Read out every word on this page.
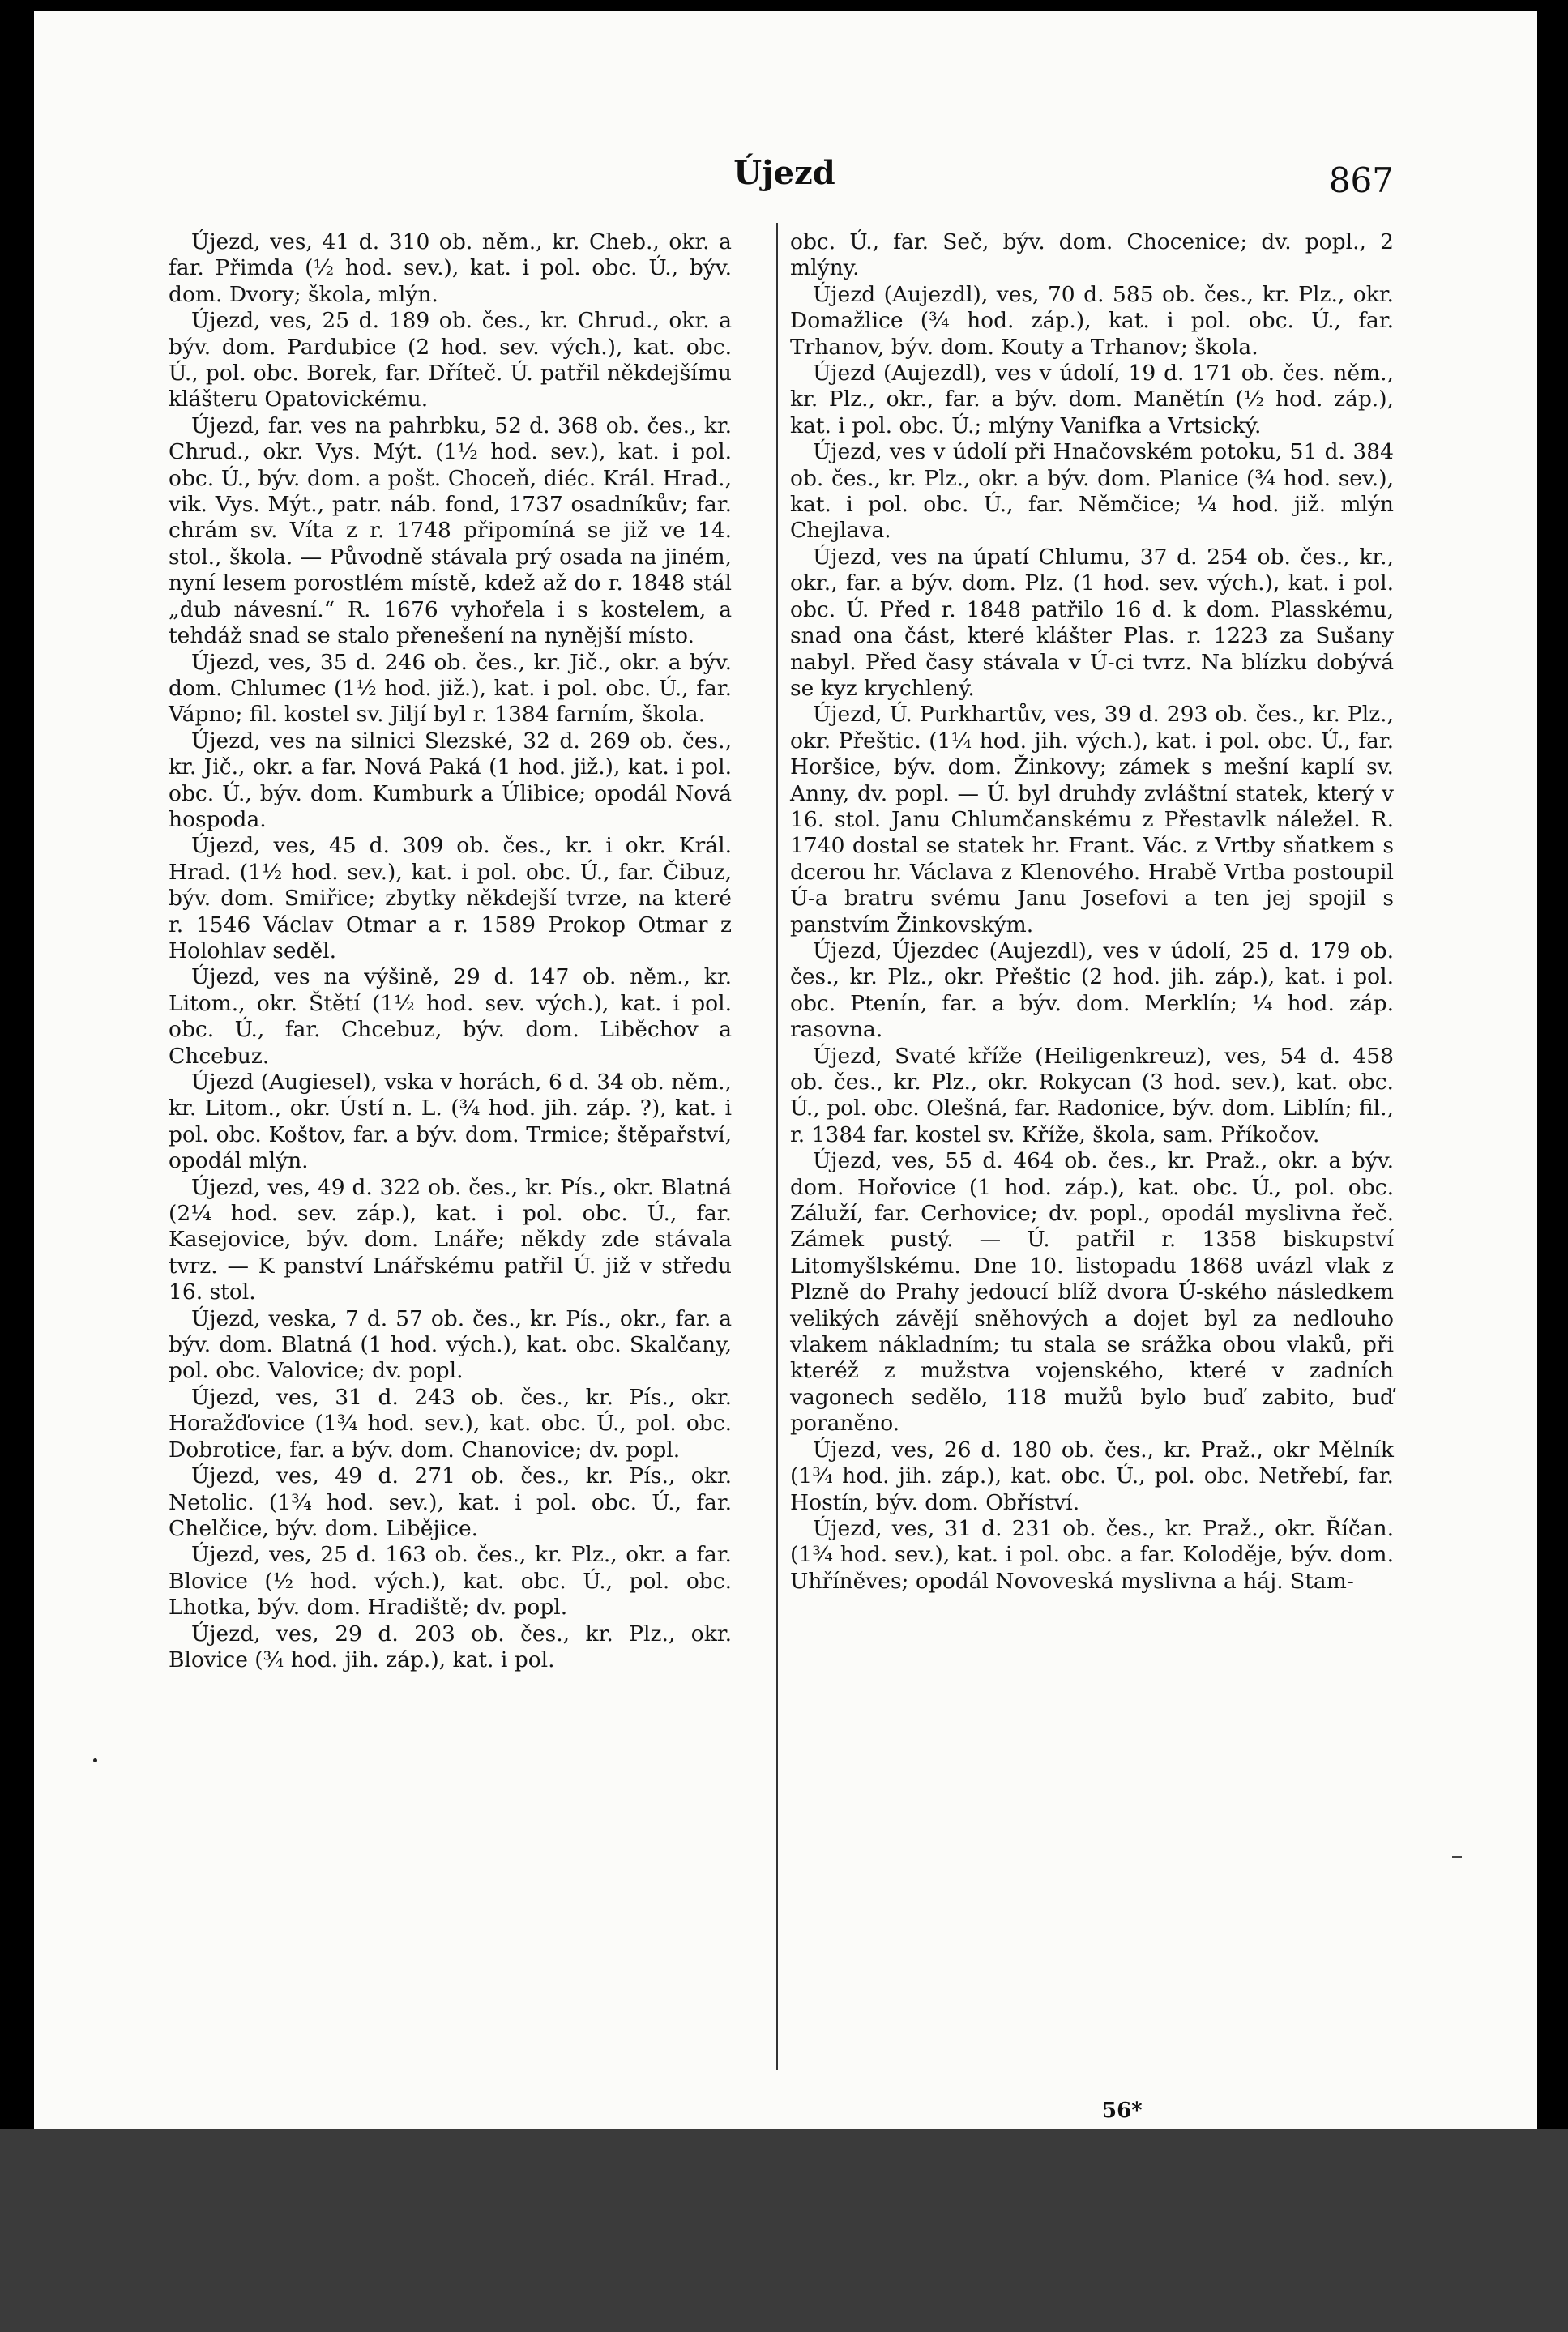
Újezd	867

Újezd, ves, 41 d. 310 ob. něm., kr. Cheb., okr. a far. Přimda (½ hod. sev.), kat. i pol. obc. Ú., býv. dom. Dvory; škola, mlýn.

Újezd, ves, 25 d. 189 ob. čes., kr. Chrud., okr. a býv. dom. Pardubice (2 hod. sev. vých.), kat. obc. Ú., pol. obc. Borek, far. Dříteč. Ú. patřil někdejšímu klášteru Opatovickému.

Újezd, far. ves na pahrbku, 52 d. 368 ob. čes., kr. Chrud., okr. Vys. Mýt. (1½ hod. sev.), kat. i pol. obc. Ú., býv. dom. a pošt. Choceň, diéc. Král. Hrad., vik. Vys. Mýt., patr. náb. fond, 1737 osadníkův; far. chrám sv. Víta z r. 1748 připomíná se již ve 14. stol., škola. — Původně stávala prý osada na jiném, nyní lesem porostlém místě, kdež až do r. 1848 stál „dub návesní.“ R. 1676 vyhořela i s kostelem, a tehdáž snad se stalo přenešení na nynější místo.

Újezd, ves, 35 d. 246 ob. čes., kr. Jič., okr. a býv. dom. Chlumec (1½ hod. již.), kat. i pol. obc. Ú., far. Vápno; fil. kostel sv. Jiljí byl r. 1384 farním, škola.

Újezd, ves na silnici Slezské, 32 d. 269 ob. čes., kr. Jič., okr. a far. Nová Paká (1 hod. již.), kat. i pol. obc. Ú., býv. dom. Kumburk a Úlibice; opodál Nová hospoda.

Újezd, ves, 45 d. 309 ob. čes., kr. i okr. Král. Hrad. (1½ hod. sev.), kat. i pol. obc. Ú., far. Čibuz, býv. dom. Smiřice; zbytky někdejší tvrze, na které r. 1546 Václav Otmar a r. 1589 Prokop Otmar z Holohlav seděl.

Újezd, ves na výšině, 29 d. 147 ob. něm., kr. Litom., okr. Štětí (1½ hod. sev. vých.), kat. i pol. obc. Ú., far. Chcebuz, býv. dom. Liběchov a Chcebuz.

Újezd (Augiesel), vska v horách, 6 d. 34 ob. něm., kr. Litom., okr. Ústí n. L. (¾ hod. jih. záp. ?), kat. i pol. obc. Koštov, far. a býv. dom. Trmice; štěpařství, opodál mlýn.

Újezd, ves, 49 d. 322 ob. čes., kr. Pís., okr. Blatná (2¼ hod. sev. záp.), kat. i pol. obc. Ú., far. Kasejovice, býv. dom. Lnáře; někdy zde stávala tvrz. — K panství Lnářskému patřil Ú. již v středu 16. stol.

Újezd, veska, 7 d. 57 ob. čes., kr. Pís., okr., far. a býv. dom. Blatná (1 hod. vých.), kat. obc. Skalčany, pol. obc. Valovice; dv. popl.

Újezd, ves, 31 d. 243 ob. čes., kr. Pís., okr. Horažďovice (1¾ hod. sev.), kat. obc. Ú., pol. obc. Dobrotice, far. a býv. dom. Chanovice; dv. popl.

Újezd, ves, 49 d. 271 ob. čes., kr. Pís., okr. Netolic. (1¾ hod. sev.), kat. i pol. obc. Ú., far. Chelčice, býv. dom. Libějice.

Újezd, ves, 25 d. 163 ob. čes., kr. Plz., okr. a far. Blovice (½ hod. vých.), kat. obc. Ú., pol. obc. Lhotka, býv. dom. Hradiště; dv. popl.

Újezd, ves, 29 d. 203 ob. čes., kr. Plz., okr. Blovice (¾ hod. jih. záp.), kat. i pol.

obc. Ú., far. Seč, býv. dom. Chocenice; dv. popl., 2 mlýny.

Újezd (Aujezdl), ves, 70 d. 585 ob. čes., kr. Plz., okr. Domažlice (¾ hod. záp.), kat. i pol. obc. Ú., far. Trhanov, býv. dom. Kouty a Trhanov; škola.

Újezd (Aujezdl), ves v údolí, 19 d. 171 ob. čes. něm., kr. Plz., okr., far. a býv. dom. Manětín (½ hod. záp.), kat. i pol. obc. Ú.; mlýny Vanifka a Vrtsický.

Újezd, ves v údolí při Hnačovském potoku, 51 d. 384 ob. čes., kr. Plz., okr. a býv. dom. Planice (¾ hod. sev.), kat. i pol. obc. Ú., far. Němčice; ¼ hod. již. mlýn Chejlava.

Újezd, ves na úpatí Chlumu, 37 d. 254 ob. čes., kr., okr., far. a býv. dom. Plz. (1 hod. sev. vých.), kat. i pol. obc. Ú. Před r. 1848 patřilo 16 d. k dom. Plasskému, snad ona část, které klášter Plas. r. 1223 za Sušany nabyl. Před časy stávala v Ú-ci tvrz. Na blízku dobývá se kyz krychlený.

Újezd, Ú. Purkhartův, ves, 39 d. 293 ob. čes., kr. Plz., okr. Přeštic. (1¼ hod. jih. vých.), kat. i pol. obc. Ú., far. Horšice, býv. dom. Žinkovy; zámek s mešní kaplí sv. Anny, dv. popl. — Ú. byl druhdy zvláštní statek, který v 16. stol. Janu Chlumčanskému z Přestavlk náležel. R. 1740 dostal se statek hr. Frant. Vác. z Vrtby sňatkem s dcerou hr. Václava z Klenového. Hrabě Vrtba postoupil Ú-a bratru svému Janu Josefovi a ten jej spojil s panstvím Žinkovským.

Újezd, Újezdec (Aujezdl), ves v údolí, 25 d. 179 ob. čes., kr. Plz., okr. Přeštic (2 hod. jih. záp.), kat. i pol. obc. Ptenín, far. a býv. dom. Merklín; ¼ hod. záp. rasovna.

Újezd, Svaté kříže (Heiligenkreuz), ves, 54 d. 458 ob. čes., kr. Plz., okr. Rokycan (3 hod. sev.), kat. obc. Ú., pol. obc. Olešná, far. Radonice, býv. dom. Liblín; fil., r. 1384 far. kostel sv. Kříže, škola, sam. Příkočov.

Újezd, ves, 55 d. 464 ob. čes., kr. Praž., okr. a býv. dom. Hořovice (1 hod. záp.), kat. obc. Ú., pol. obc. Záluží, far. Cerhovice; dv. popl., opodál myslivna řeč. Zámek pustý. — Ú. patřil r. 1358 biskupství Litomyšlskému. Dne 10. listopadu 1868 uvázl vlak z Plzně do Prahy jedoucí blíž dvora Ú-ského následkem velikých závějí sněhových a dojet byl za nedlouho vlakem nákladním; tu stala se srážka obou vlaků, při kteréž z mužstva vojenského, které v zadních vagonech sedělo, 118 mužů bylo buď zabito, buď poraněno.

Újezd, ves, 26 d. 180 ob. čes., kr. Praž., okr Mělník (1¾ hod. jih. záp.), kat. obc. Ú., pol. obc. Netřebí, far. Hostín, býv. dom. Obříství.

Újezd, ves, 31 d. 231 ob. čes., kr. Praž., okr. Říčan. (1¾ hod. sev.), kat. i pol. obc. a far. Koloděje, býv. dom. Uhříněves; opodál Novoveská myslivna a háj. Stam-

56*
